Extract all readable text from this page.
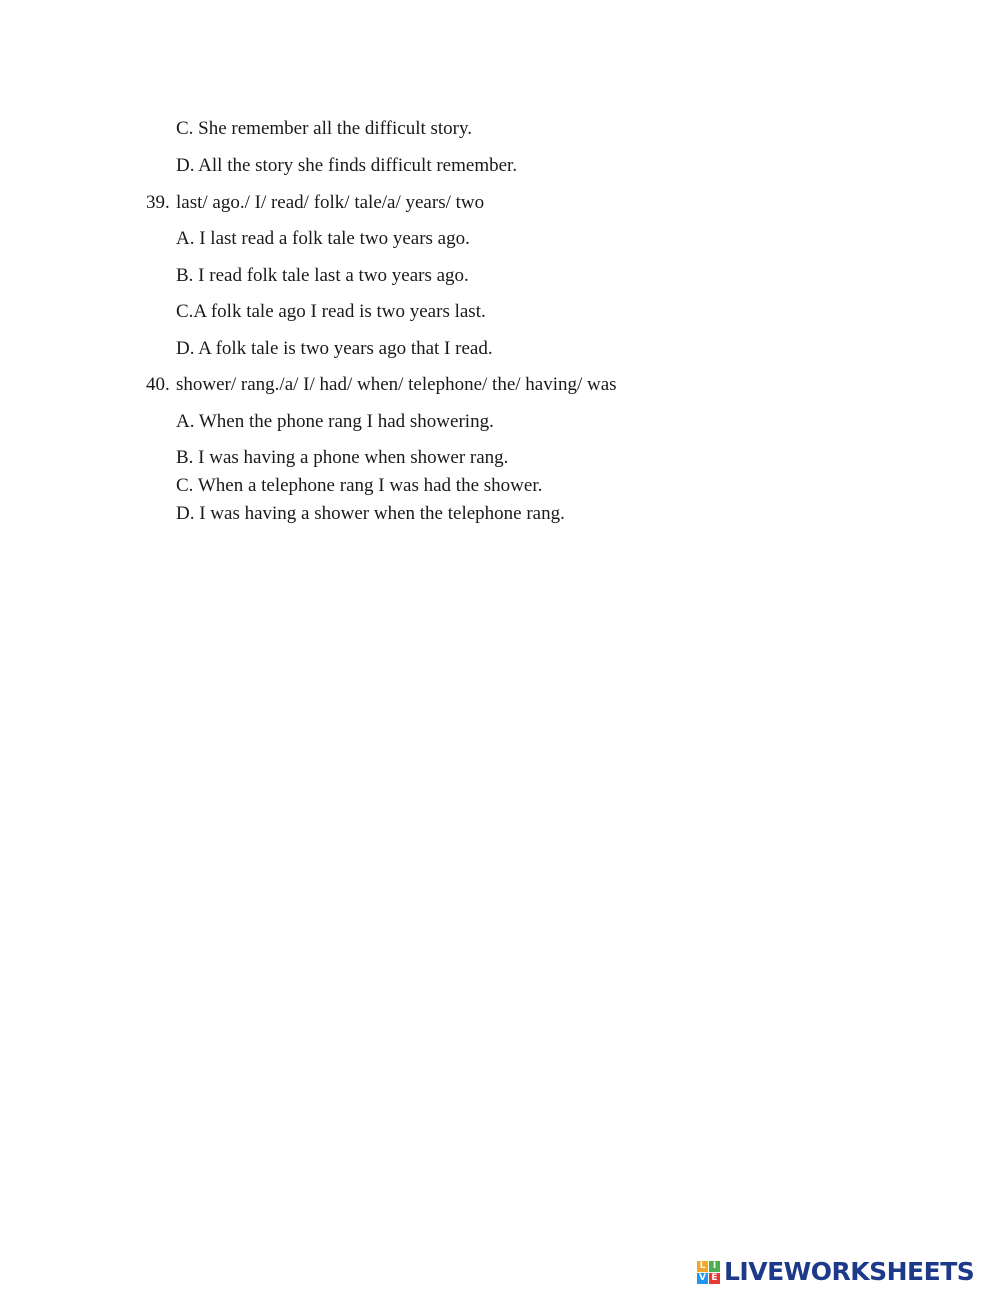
C. She remember all the difficult story.
D. All the story she finds difficult remember.
39. last/ ago./ I/ read/ folk/ tale/a/ years/ two
A. I last read a folk tale two years ago.
B. I read folk tale last a two years ago.
C.A folk tale ago I read is two years last.
D. A folk tale is two years ago that I read.
40. shower/ rang./a/ I/ had/ when/ telephone/ the/ having/ was
A. When the phone rang I had showering.
B. I was having a phone when shower rang.
C. When a telephone rang I was had the shower.
D. I was having a shower when the telephone rang.
L I
V E LIVEWORKSHEETS
